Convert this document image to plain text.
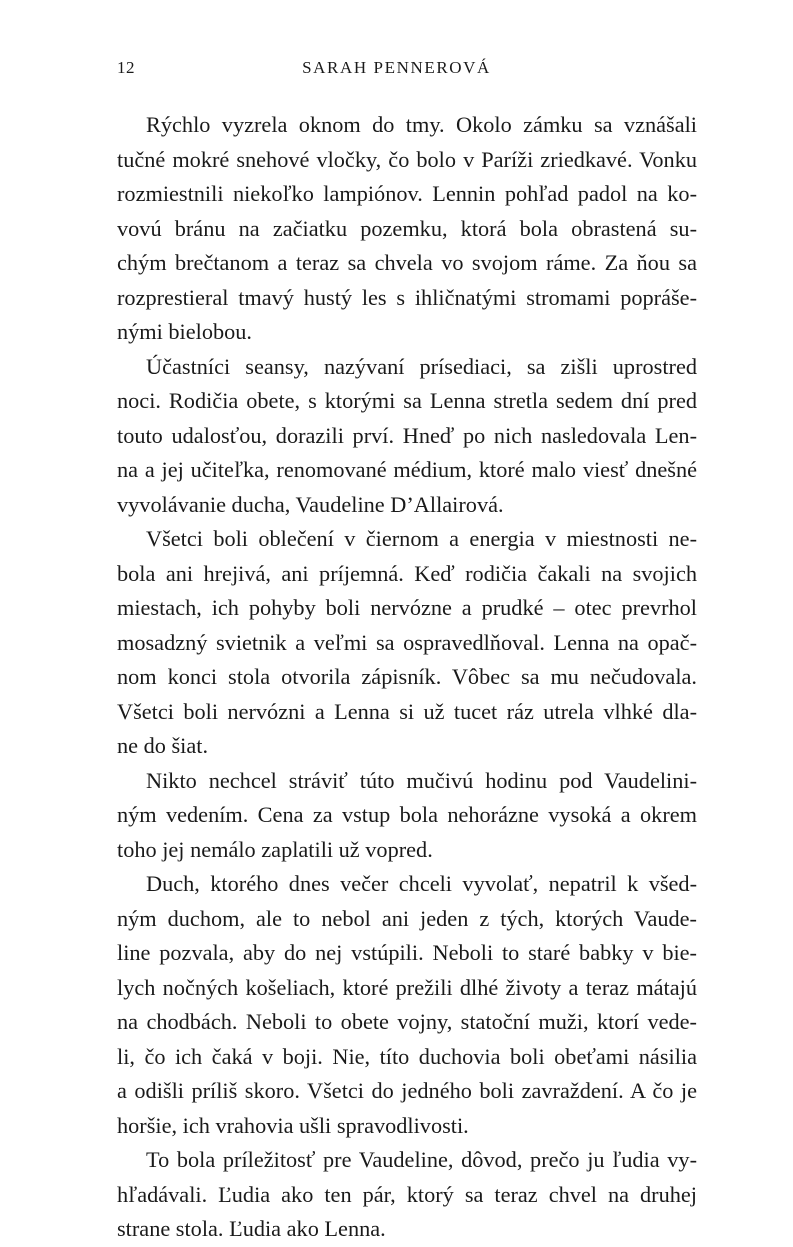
12	SARAH PENNEROVÁ
Rýchlo vyzrela oknom do tmy. Okolo zámku sa vznášali
tučné mokré snehové vločky, čo bolo v Paríži zriedkavé. Vonku
rozmiestnili niekoľko lampiónov. Lennin pohľad padol na ko-
vovú bránu na začiatku pozemku, ktorá bola obrastená su-
chým brečtanom a teraz sa chvela vo svojom ráme. Za ňou sa
rozprestieral tmavý hustý les s ihličnatými stromami popráše-
nými bielobou.
Účastníci seansy, nazývaní prísediaci, sa zišli uprostred
noci. Rodičia obete, s ktorými sa Lenna stretla sedem dní pred
touto udalosťou, dorazili prví. Hneď po nich nasledovala Len-
na a jej učiteľka, renomované médium, ktoré malo viesť dnešné
vyvolávanie ducha, Vaudeline D’Allairová.
Všetci boli oblečení v čiernom a energia v miestnosti ne-
bola ani hrejivá, ani príjemná. Keď rodičia čakali na svojich
miestach, ich pohyby boli nervózne a prudké – otec prevrhol
mosadzný svietnik a veľmi sa ospravedlňoval. Lenna na opač-
nom konci stola otvorila zápisník. Vôbec sa mu nečudovala.
Všetci boli nervózni a Lenna si už tucet ráz utrela vlhké dla-
ne do šiat.
Nikto nechcel stráviť túto mučivú hodinu pod Vaudelini-
ným vedením. Cena za vstup bola nehorázne vysoká a okrem
toho jej nemálo zaplatili už vopred.
Duch, ktorého dnes večer chceli vyvolať, nepatril k všed-
ným duchom, ale to nebol ani jeden z tých, ktorých Vaude-
line pozvala, aby do nej vstúpili. Neboli to staré babky v bie-
lych nočných košeliach, ktoré prežili dlhé životy a teraz mátajú
na chodbách. Neboli to obete vojny, statoční muži, ktorí vede-
li, čo ich čaká v boji. Nie, títo duchovia boli obeťami násilia
a odišli príliš skoro. Všetci do jedného boli zavraždení. A čo je
horšie, ich vrahovia ušli spravodlivosti.
To bola príležitosť pre Vaudeline, dôvod, prečo ju ľudia vy-
hľadávali. Ľudia ako ten pár, ktorý sa teraz chvel na druhej
strane stola. Ľudia ako Lenna.
